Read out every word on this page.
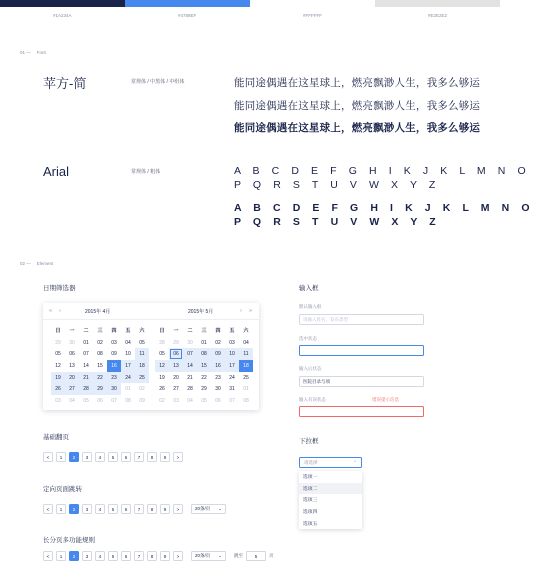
#1A234A	#4788EF	#FFFFFF	#E2E2E2
01 — Font
苹方-简	常规体 / 中黑体 / 中组体	能同途偶遇在这星球上，燃亮飘渺人生，我多么够运
能同途偶遇在这星球上，燃亮飘渺人生，我多么够运
能同途偶遇在这星球上，燃亮飘渺人生，我多么够运
Arial	常规体 / 粗体	A B C D E F G H I K J K L M N O
P Q R S T U V W X Y Z
A B C D E F G H I K J K L M N O
P Q R S T U V W X Y Z
02 — Element
日期筛选器
« ‹	2015年 4月	2015年 5月	› »
日	一	二	三	四	五	六
29	30	01	02	03	04	05
05	06	07	08	09	10	11
12	13	14	15	16	17	18
19	20	21	22	23	24	25
26	27	28	29	30	01	02
03	04	05	06	07	08	09
日	一	二	三	四	五	六
28	29	30	01	02	03	04
05	06	07	08	09	10	11
12	13	14	15	16	17	18
19	20	21	22	23	24	25
26	27	28	29	30	31	01
02	03	04	05	06	07	08
基础翻页
<	1	2	3	4	5	6	7	8	9	>
定向页面跳转
<	1	2	3	4	5	6	7	8	9	>	20条/页 ⌄
长分页多功能规则
<	1	2	3	4	5	6	7	8	9	>	20条/页 ⌄	跳至	5	页
输入框
默认输入框
请输入姓名、发布类型
选中状态
输入后状态
医院目录与项
输入有误状态	错误提示信息
下拉框
请选择	⌃
选项一
选项二
选项三
选项四
选项五
